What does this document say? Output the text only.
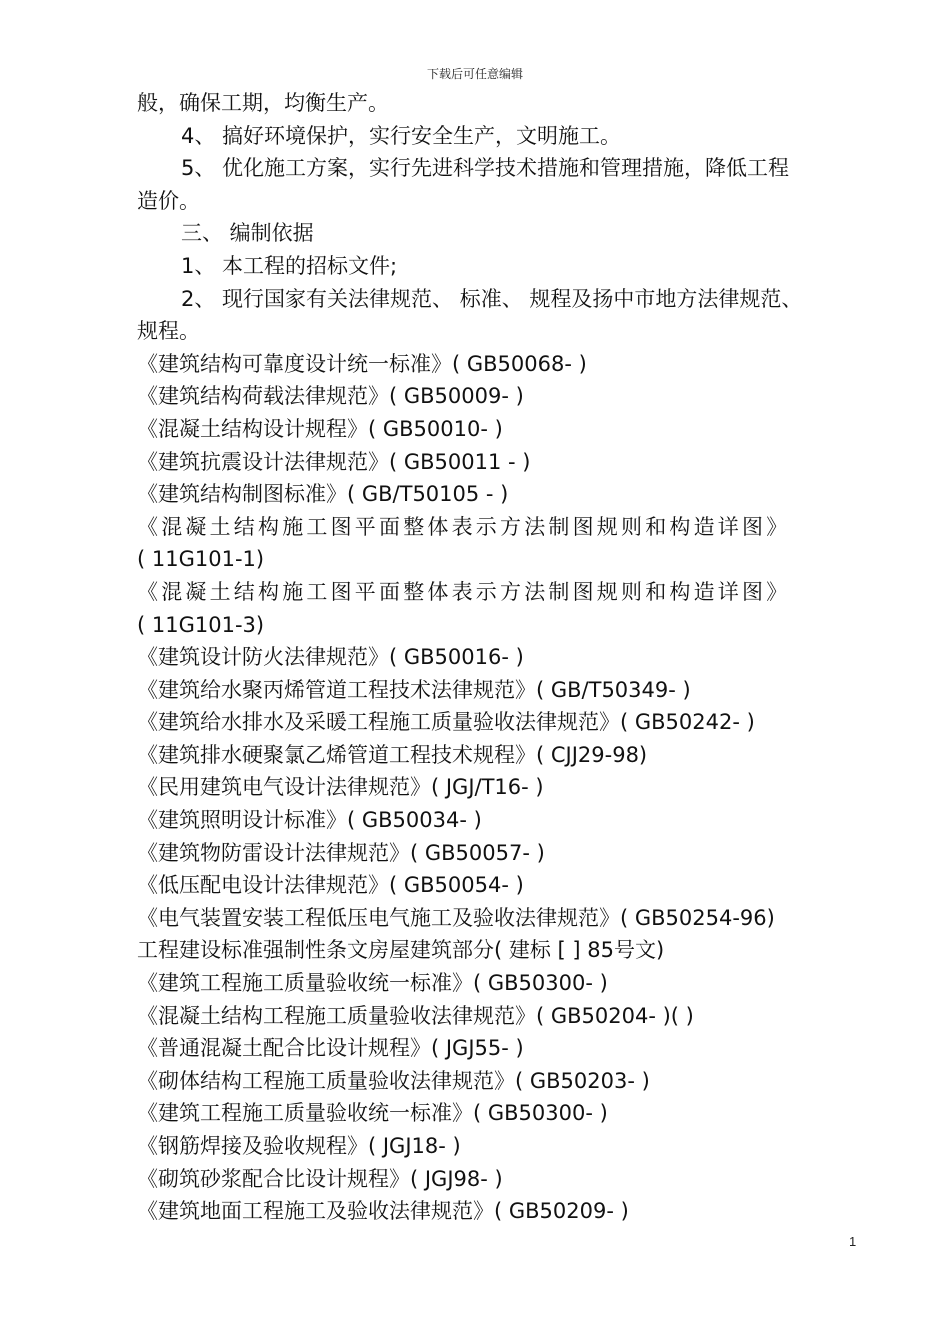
下载后可任意编辑
般，确保工期，均衡生产。
4、 搞好环境保护，实行安全生产，文明施工。
5、 优化施工方案，实行先进科学技术措施和管理措施，降低工程
造价。
三、 编制依据
1、 本工程的招标文件;
2、 现行国家有关法律规范、 标准、 规程及扬中市地方法律规范、
规程。
《建筑结构可靠度设计统一标准》( GB50068- )
《建筑结构荷载法律规范》( GB50009- )
《混凝土结构设计规程》( GB50010- )
《建筑抗震设计法律规范》( GB50011 - )
《建筑结构制图标准》( GB/T50105 - )
《混凝土结构施工图平面整体表示方法制图规则和构造详图》
( 11G101-1)
《混凝土结构施工图平面整体表示方法制图规则和构造详图》
( 11G101-3)
《建筑设计防火法律规范》( GB50016- )
《建筑给水聚丙烯管道工程技术法律规范》( GB/T50349- )
《建筑给水排水及采暖工程施工质量验收法律规范》( GB50242- )
《建筑排水硬聚氯乙烯管道工程技术规程》( CJJ29-98)
《民用建筑电气设计法律规范》( JGJ/T16- )
《建筑照明设计标准》( GB50034- )
《建筑物防雷设计法律规范》( GB50057- )
《低压配电设计法律规范》( GB50054- )
《电气装置安装工程低压电气施工及验收法律规范》( GB50254-96)
工程建设标准强制性条文房屋建筑部分( 建标 [ ] 85号文)
《建筑工程施工质量验收统一标准》( GB50300- )
《混凝土结构工程施工质量验收法律规范》( GB50204- )( )
《普通混凝土配合比设计规程》( JGJ55- )
《砌体结构工程施工质量验收法律规范》( GB50203- )
《建筑工程施工质量验收统一标准》( GB50300- )
《钢筋焊接及验收规程》( JGJ18- )
《砌筑砂浆配合比设计规程》( JGJ98- )
《建筑地面工程施工及验收法律规范》( GB50209- )
1
